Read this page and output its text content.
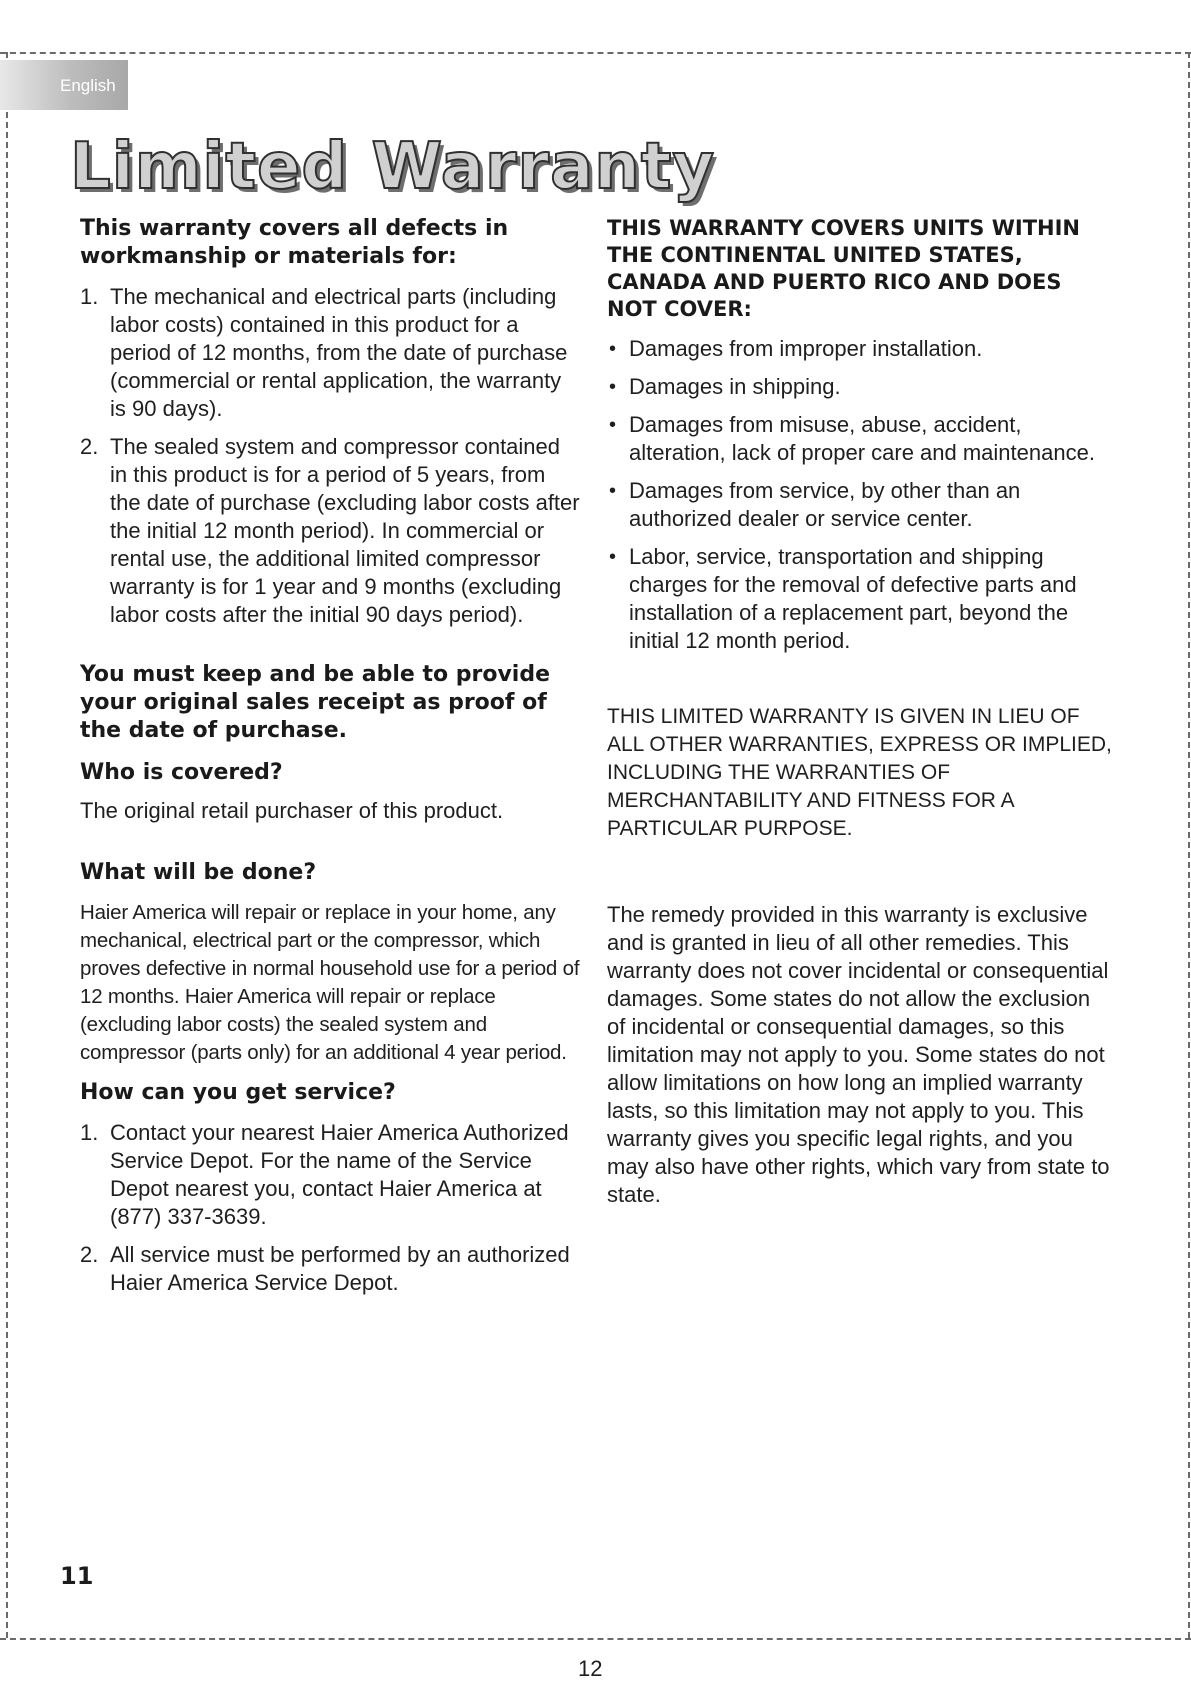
English
Limited Warranty
This warranty covers all defects in workmanship or materials for:
1. The mechanical and electrical parts (including labor costs) contained in this product for a period of 12 months, from the date of purchase (commercial or rental application, the warranty is 90 days).
2. The sealed system and compressor contained in this product is for a period of 5 years, from the date of purchase (excluding labor costs after the initial 12 month period). In commercial or rental use, the additional limited compressor warranty is for 1 year and 9 months (excluding labor costs after the initial 90 days period).
You must keep and be able to provide your original sales receipt as proof of the date of purchase.
Who is covered?
The original retail purchaser of this product.
What will be done?
Haier America will repair or replace in your home, any mechanical, electrical part or the compressor, which proves defective in normal household use for a period of 12 months. Haier America will repair or replace (excluding labor costs) the sealed system and compressor (parts only) for an additional 4 year period.
How can you get service?
1. Contact your nearest Haier America Authorized Service Depot. For the name of the Service Depot nearest you, contact Haier America at (877) 337-3639.
2. All service must be performed by an authorized Haier America Service Depot.
THIS WARRANTY COVERS UNITS WITHIN THE CONTINENTAL UNITED STATES, CANADA AND PUERTO RICO AND DOES NOT COVER:
• Damages from improper installation.
• Damages in shipping.
• Damages from misuse, abuse, accident, alteration, lack of proper care and maintenance.
• Damages from service, by other than an authorized dealer or service center.
• Labor, service, transportation and shipping charges for the removal of defective parts and installation of a replacement part, beyond the initial 12 month period.
THIS LIMITED WARRANTY IS GIVEN IN LIEU OF ALL OTHER WARRANTIES, EXPRESS OR IMPLIED, INCLUDING THE WARRANTIES OF MERCHANTABILITY AND FITNESS FOR A PARTICULAR PURPOSE.
The remedy provided in this warranty is exclusive and is granted in lieu of all other remedies. This warranty does not cover incidental or consequential damages. Some states do not allow the exclusion of incidental or consequential damages, so this limitation may not apply to you. Some states do not allow limitations on how long an implied warranty lasts, so this limitation may not apply to you. This warranty gives you specific legal rights, and you may also have other rights, which vary from state to state.
11
12
